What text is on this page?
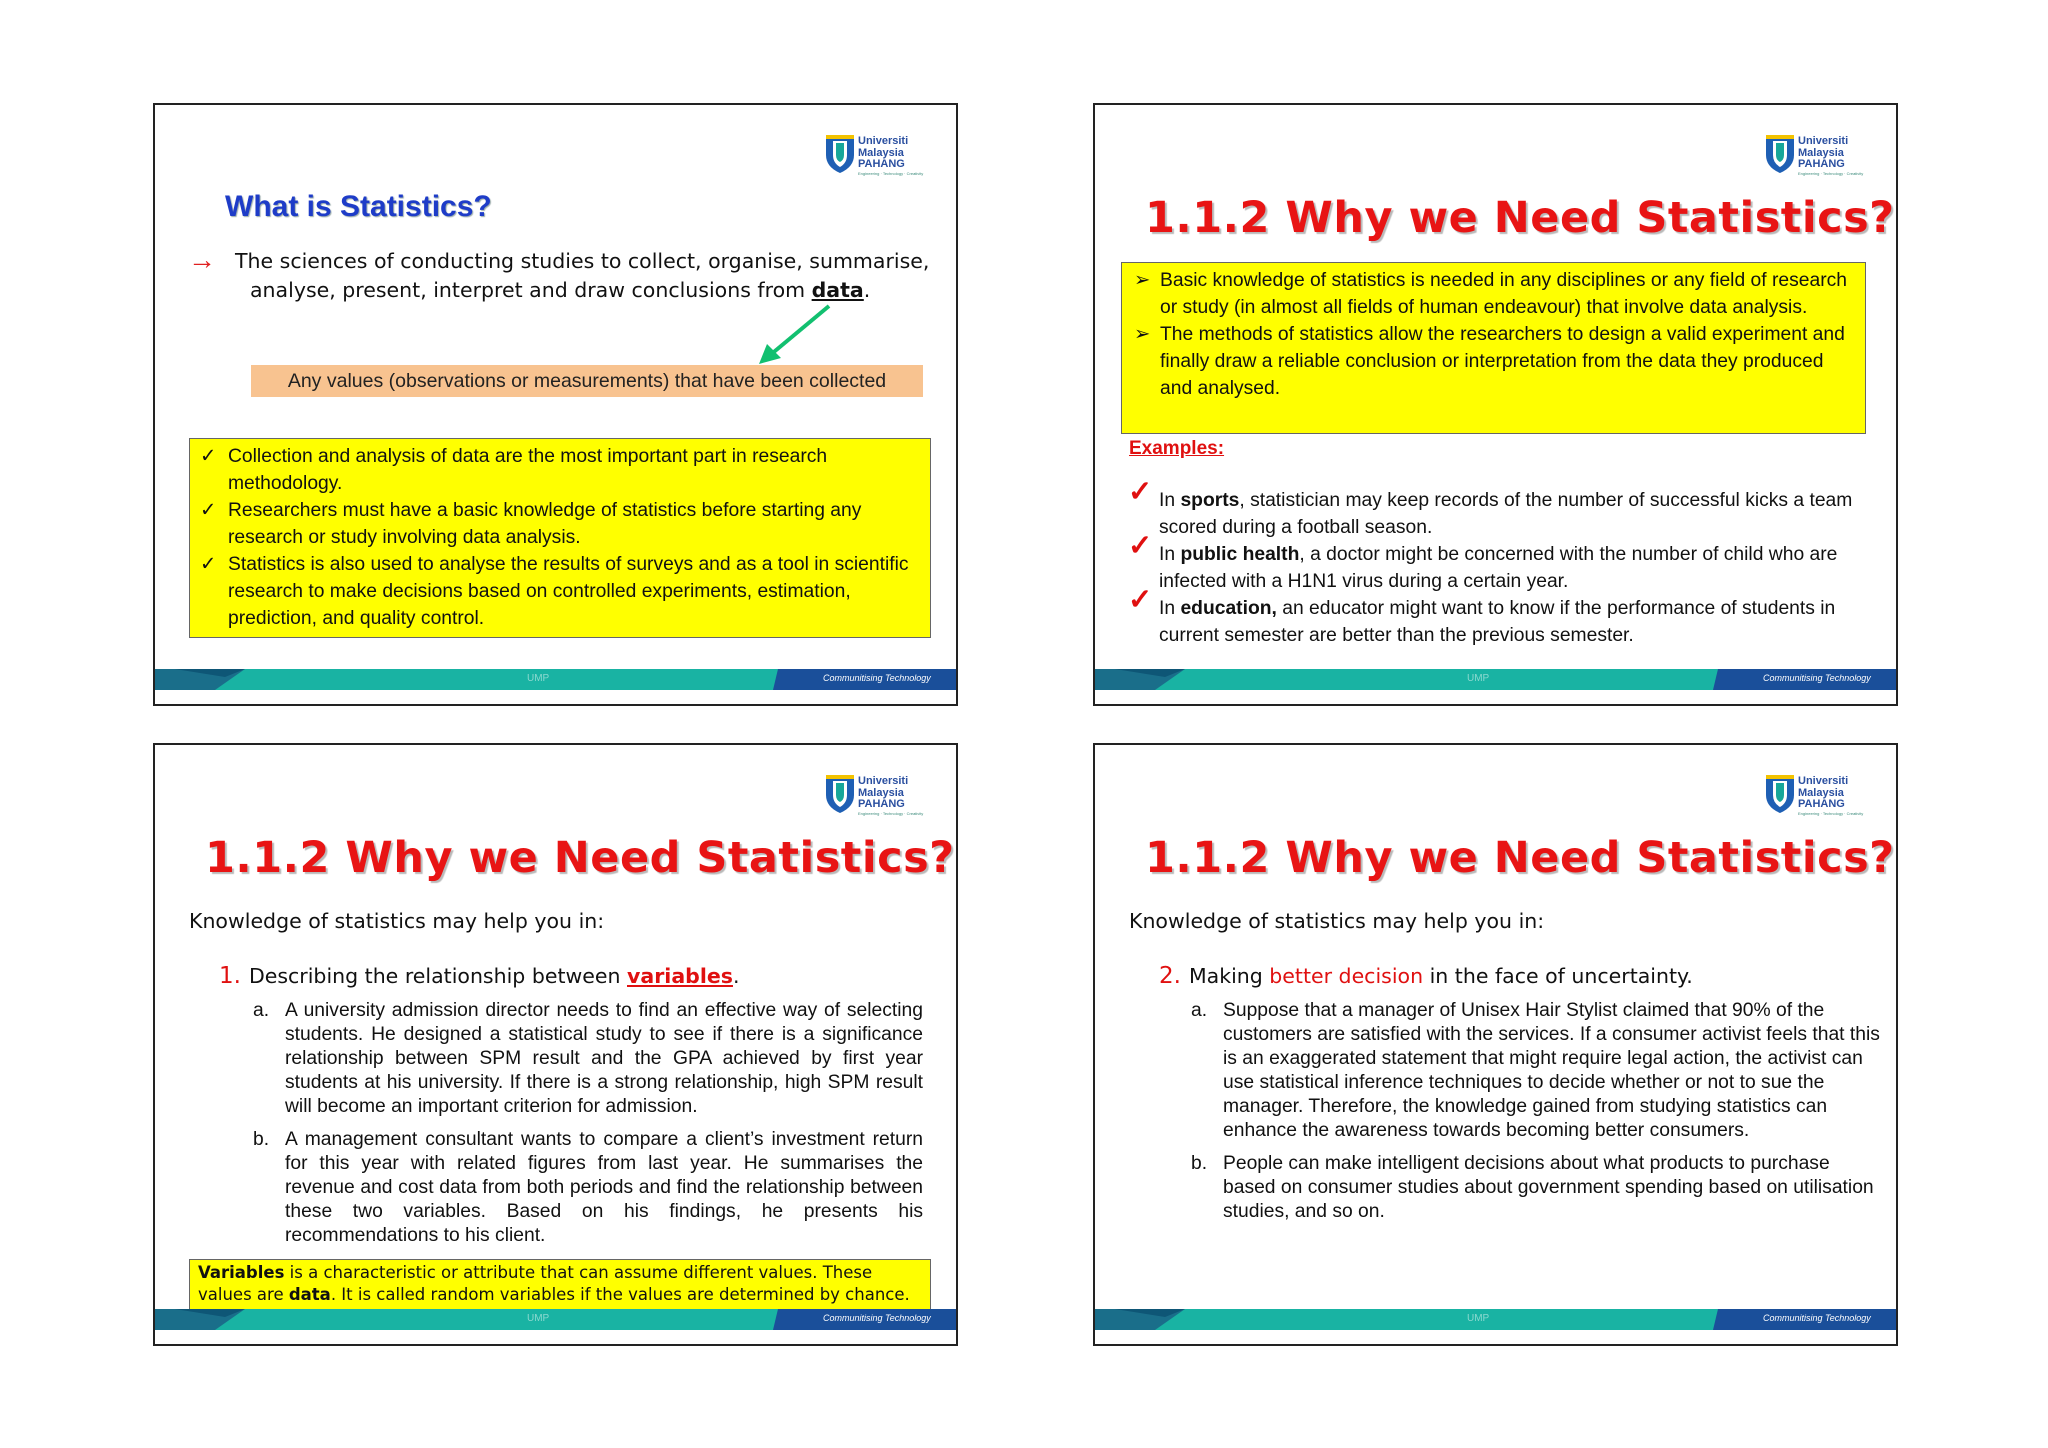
Universiti
Malaysia
PAHANG
Engineering · Technology · Creativity
What is Statistics?
→ The sciences of conducting studies to collect, organise, summarise,
analyse, present, interpret and draw conclusions from data.
Any values (observations or measurements) that have been collected
✓ Collection and analysis of data are the most important part in research methodology.
✓ Researchers must have a basic knowledge of statistics before starting any research or study involving data analysis.
✓ Statistics is also used to analyse the results of surveys and as a tool in scientific research to make decisions based on controlled experiments, estimation, prediction, and quality control.
UMP	Communitising Technology
Universiti
Malaysia
PAHANG
Engineering · Technology · Creativity
1.1.2 Why we Need Statistics?
➢ Basic knowledge of statistics is needed in any disciplines or any field of research or study (in almost all fields of human endeavour) that involve data analysis.
➢ The methods of statistics allow the researchers to design a valid experiment and finally draw a reliable conclusion or interpretation from the data they produced and analysed.
Examples:
✓ In sports, statistician may keep records of the number of successful kicks a team scored during a football season.
✓ In public health, a doctor might be concerned with the number of child who are infected with a H1N1 virus during a certain year.
✓ In education, an educator might want to know if the performance of students in current semester are better than the previous semester.
UMP	Communitising Technology
Universiti
Malaysia
PAHANG
Engineering · Technology · Creativity
1.1.2 Why we Need Statistics?
Knowledge of statistics may help you in:
1. Describing the relationship between variables.
a. A university admission director needs to find an effective way of selecting students. He designed a statistical study to see if there is a significance relationship between SPM result and the GPA achieved by first year students at his university. If there is a strong relationship, high SPM result will become an important criterion for admission.
b. A management consultant wants to compare a client’s investment return for this year with related figures from last year. He summarises the revenue and cost data from both periods and find the relationship between these two variables. Based on his findings, he presents his recommendations to his client.
Variables is a characteristic or attribute that can assume different values. These values are data. It is called random variables if the values are determined by chance.
UMP	Communitising Technology
Universiti
Malaysia
PAHANG
Engineering · Technology · Creativity
1.1.2 Why we Need Statistics?
Knowledge of statistics may help you in:
2. Making better decision in the face of uncertainty.
a. Suppose that a manager of Unisex Hair Stylist claimed that 90% of the customers are satisfied with the services. If a consumer activist feels that this is an exaggerated statement that might require legal action, the activist can use statistical inference techniques to decide whether or not to sue the manager. Therefore, the knowledge gained from studying statistics can enhance the awareness towards becoming better consumers.
b. People can make intelligent decisions about what products to purchase based on consumer studies about government spending based on utilisation studies, and so on.
UMP	Communitising Technology
